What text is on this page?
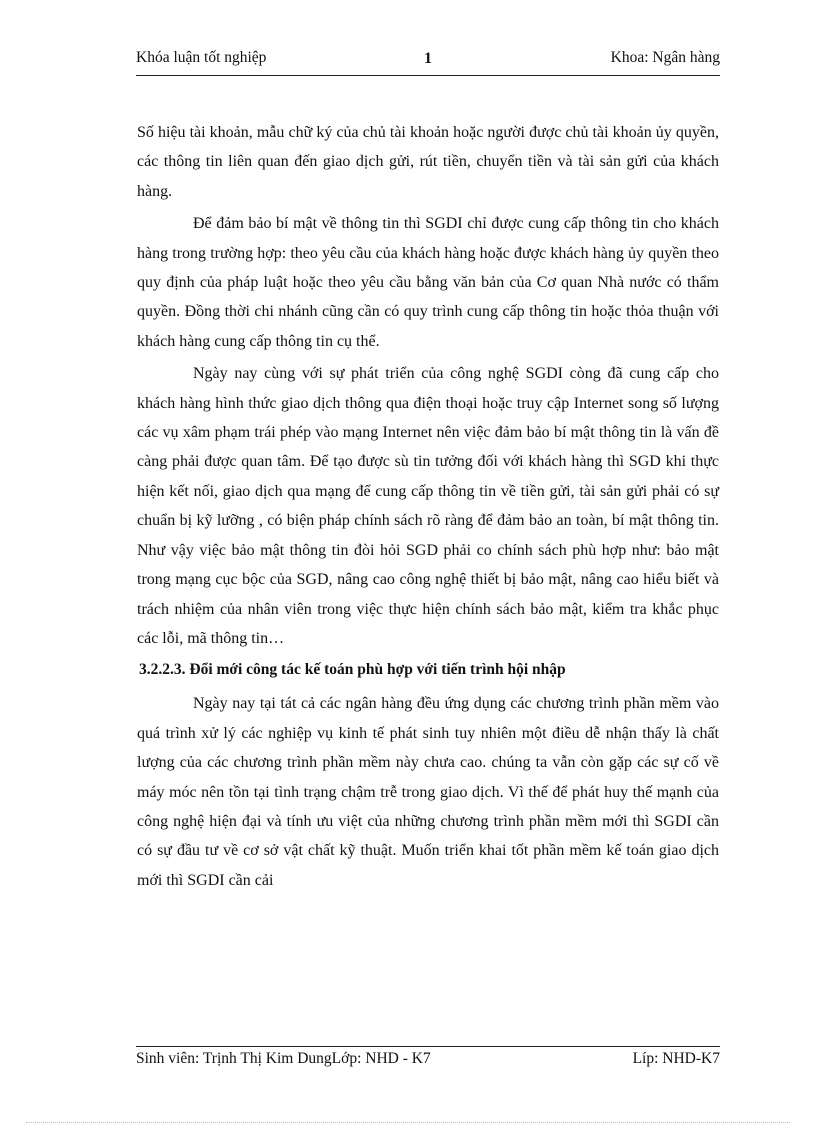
Khóa luận tốt nghiệp	1	Khoa: Ngân hàng

Số hiệu tài khoản, mẫu chữ ký của chủ tài khoản hoặc người được chủ tài khoản ủy quyền, các thông tin liên quan đến giao dịch gửi, rút tiền, chuyển tiền và tài sản gửi của khách hàng.

Để đảm bảo bí mật về thông tin thì SGDI chỉ được cung cấp thông tin cho khách hàng trong trường hợp: theo yêu cầu của khách hàng hoặc được khách hàng ủy quyền theo quy định của pháp luật hoặc theo yêu cầu bằng văn bản của Cơ quan Nhà nước có thẩm quyền. Đồng thời chi nhánh cũng cần có quy trình cung cấp thông tin hoặc thỏa thuận với khách hàng cung cấp thông tin cụ thể.

Ngày nay cùng với sự phát triển của công nghệ SGDI còng đã cung cấp cho khách hàng hình thức giao dịch thông qua điện thoại hoặc truy cập Internet song số lượng các vụ xâm phạm trái phép vào mạng Internet nên việc đảm bảo bí mật thông tin là vấn đề càng phải được quan tâm. Để tạo được sù tin tưởng đối với khách hàng thì SGD khi thực hiện kết nối, giao dịch qua mạng để cung cấp thông tin về tiền gửi, tài sản gửi phải có sự chuẩn bị kỹ lưỡng , có biện pháp chính sách rõ ràng để đảm bảo an toàn, bí mật thông tin. Như vậy việc bảo mật thông tin đòi hỏi SGD phải co chính sách phù hợp như: bảo mật trong mạng cục bộc của SGD, nâng cao công nghệ thiết bị bảo mật, nâng cao hiểu biết và trách nhiệm của nhân viên trong việc thực hiện chính sách bảo mật, kiểm tra khắc phục các lỗi, mã thông tin…

3.2.2.3. Đổi mới công tác kế toán phù hợp với tiến trình hội nhập

Ngày nay tại tát cả các ngân hàng đều ứng dụng các chương trình phần mềm vào quá trình xử lý các nghiệp vụ kinh tế phát sinh tuy nhiên một điều dễ nhận thấy là chất lượng của các chương trình phần mềm này chưa cao. chúng ta vẫn còn gặp các sự cố về máy móc nên tồn tại tình trạng chậm trễ trong giao dịch. Vì thế để phát huy thế mạnh của công nghệ hiện đại và tính ưu việt của những chương trình phần mềm mới thì SGDI cần có sự đầu tư về cơ sở vật chất kỹ thuật. Muốn triển khai tốt phần mềm kế toán giao dịch mới thì SGDI cần cải

Sinh viên: Trịnh Thị Kim DungLớp: NHD - K7	Líp: NHD-K7
